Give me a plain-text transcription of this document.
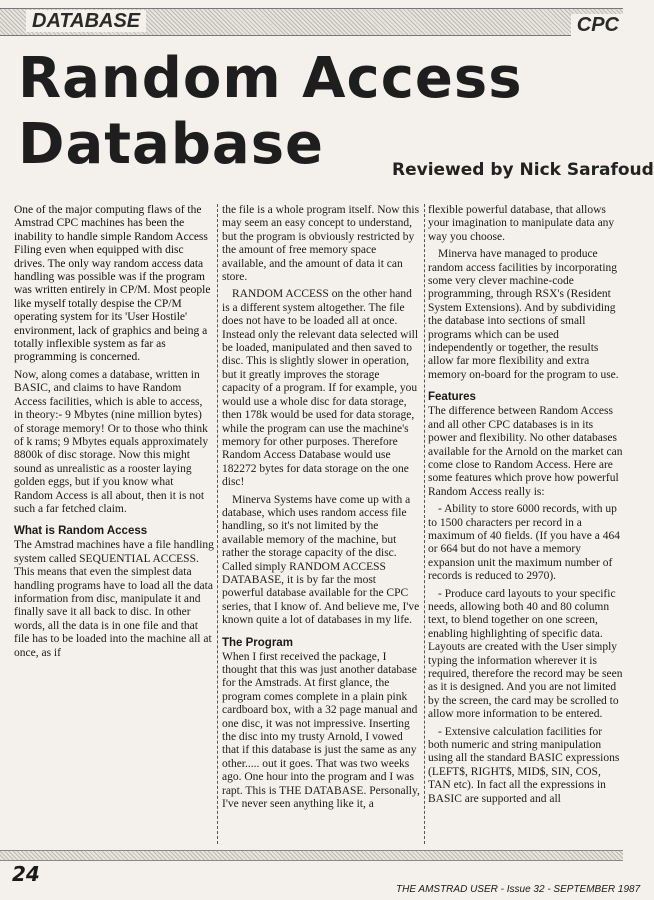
DATABASE	CPC
Random Access
Database	Reviewed by Nick Sarafoud

One of the major computing flaws of the Amstrad CPC machines has been the inability to handle simple Random Access Filing even when equipped with disc drives. The only way random access data handling was possible was if the program was written entirely in CP/M. Most people like myself totally despise the CP/M operating system for its 'User Hostile' environment, lack of graphics and being a totally inflexible system as far as programming is concerned.

Now, along comes a database, written in BASIC, and claims to have Random Access facilities, which is able to access, in theory:- 9 Mbytes (nine million bytes) of storage memory! Or to those who think of k rams; 9 Mbytes equals approximately 8800k of disc storage. Now this might sound as unrealistic as a rooster laying golden eggs, but if you know what Random Access is all about, then it is not such a far fetched claim.

What is Random Access

The Amstrad machines have a file handling system called SEQUENTIAL ACCESS. This means that even the simplest data handling programs have to load all the data information from disc, manipulate it and finally save it all back to disc. In other words, all the data is in one file and that file has to be loaded into the machine all at once, as if

the file is a whole program itself. Now this may seem an easy concept to understand, but the program is obviously restricted by the amount of free memory space available, and the amount of data it can store.

RANDOM ACCESS on the other hand is a different system altogether. The file does not have to be loaded all at once. Instead only the relevant data selected will be loaded, manipulated and then saved to disc. This is slightly slower in operation, but it greatly improves the storage capacity of a program. If for example, you would use a whole disc for data storage, then 178k would be used for data storage, while the program can use the machine's memory for other purposes. Therefore Random Access Database would use 182272 bytes for data storage on the one disc!

Minerva Systems have come up with a database, which uses random access file handling, so it's not limited by the available memory of the machine, but rather the storage capacity of the disc. Called simply RANDOM ACCESS DATABASE, it is by far the most powerful database available for the CPC series, that I know of. And believe me, I've known quite a lot of databases in my life.

The Program

When I first received the package, I thought that this was just another database for the Amstrads. At first glance, the program comes complete in a plain pink cardboard box, with a 32 page manual and one disc, it was not impressive. Inserting the disc into my trusty Arnold, I vowed that if this database is just the same as any other..... out it goes. That was two weeks ago. One hour into the program and I was rapt. This is THE DATABASE. Personally, I've never seen anything like it, a

flexible powerful database, that allows your imagination to manipulate data any way you choose.

Minerva have managed to produce random access facilities by incorporating some very clever machine-code programming, through RSX's (Resident System Extensions). And by subdividing the database into sections of small programs which can be used independently or together, the results allow far more flexibility and extra memory on-board for the program to use.

Features

The difference between Random Access and all other CPC databases is in its power and flexibility. No other databases available for the Arnold on the market can come close to Random Access. Here are some features which prove how powerful Random Access really is:

- Ability to store 6000 records, with up to 1500 characters per record in a maximum of 40 fields. (If you have a 464 or 664 but do not have a memory expansion unit the maximum number of records is reduced to 2970).

- Produce card layouts to your specific needs, allowing both 40 and 80 column text, to blend together on one screen, enabling highlighting of specific data. Layouts are created with the User simply typing the information wherever it is required, therefore the record may be seen as it is designed. And you are not limited by the screen, the card may be scrolled to allow more information to be entered.

- Extensive calculation facilities for both numeric and string manipulation using all the standard BASIC expressions (LEFT$, RIGHT$, MID$, SIN, COS, TAN etc). In fact all the expressions in BASIC are supported and all

24
THE AMSTRAD USER - Issue 32 - SEPTEMBER 1987
